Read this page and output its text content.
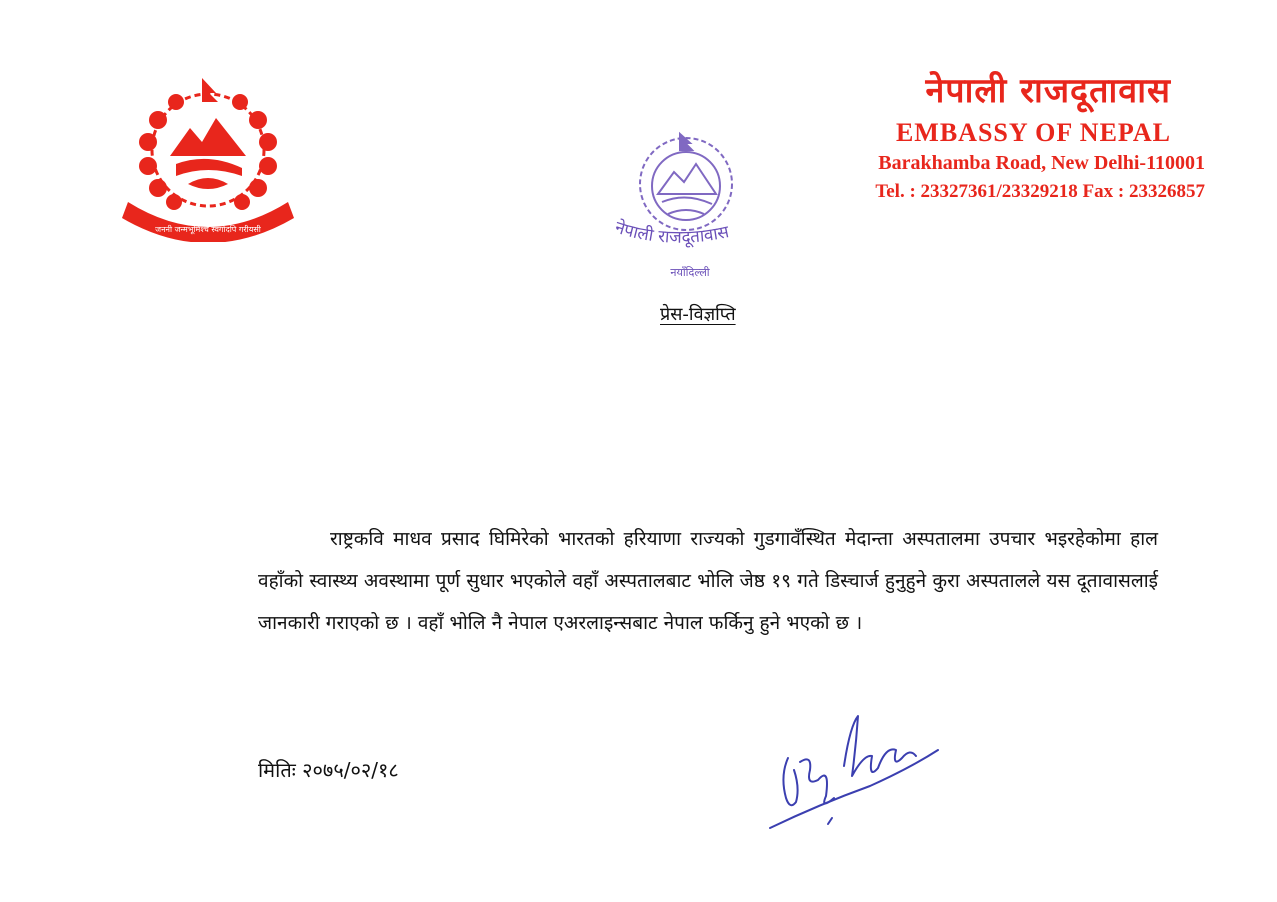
जननी जन्मभूमिश्च स्वर्गादपि गरीयसी
नेपाली राजदूतावास
EMBASSY OF NEPAL
Barakhamba Road, New Delhi-110001
Tel. : 23327361/23329218 Fax : 23326857
नेपाली राजदूतावास
नयाँदिल्ली
प्रेस-विज्ञप्ति
राष्ट्रकवि माधव प्रसाद घिमिरेको भारतको हरियाणा राज्यको गुडगावँस्थित मेदान्ता अस्पतालमा उपचार भइरहेकोमा हाल वहाँको स्वास्थ्य अवस्थामा पूर्ण सुधार भएकोले वहाँ अस्पतालबाट भोलि जेष्ठ १९ गते डिस्चार्ज हुनुहुने कुरा अस्पतालले यस दूतावासलाई जानकारी गराएको छ । वहाँ भोलि नै नेपाल एअरलाइन्सबाट नेपाल फर्किनु हुने भएको छ ।
मितिः २०७५/०२/१८
